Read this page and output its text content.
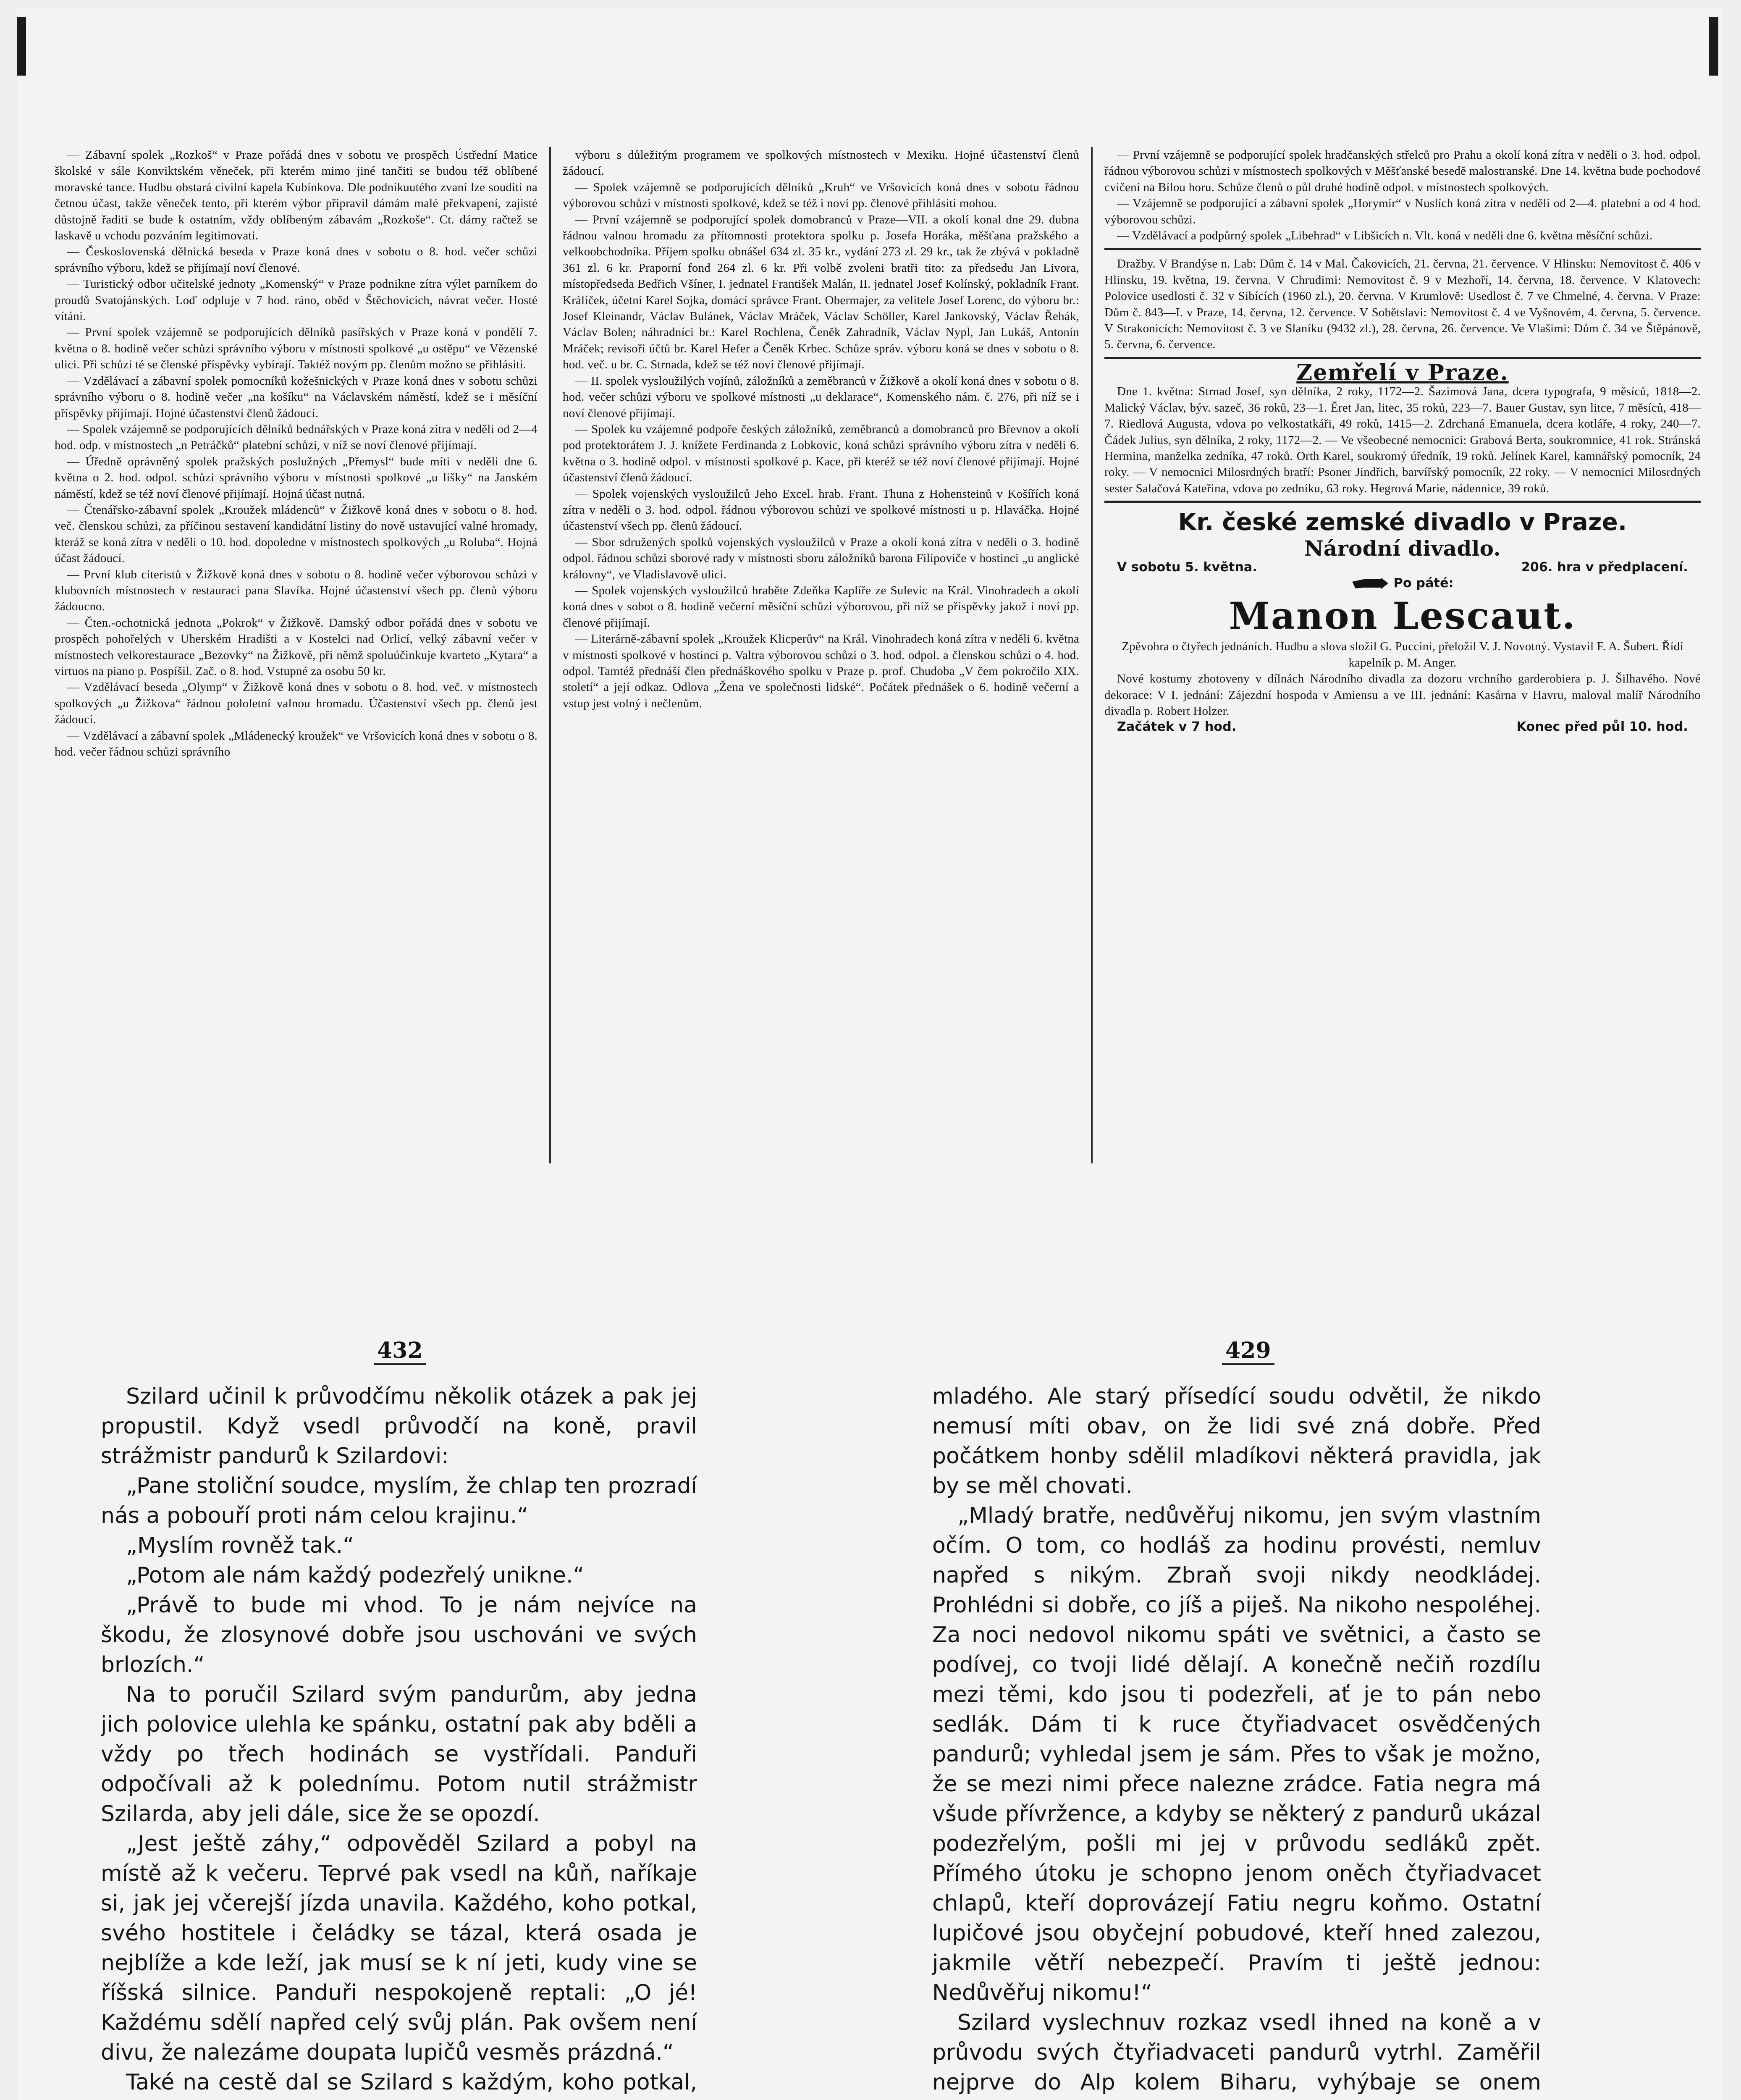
— Zábavní spolek „Rozkoš“ v Praze pořádá dnes v sobotu ve prospěch Ústřední Matice školské v sále Konviktském věneček, při kterém mimo jiné tančiti se budou též oblíbené moravské tance. Hudbu obstará civilní kapela Kubínkova. Dle podnikuutého zvaní lze souditi na četnou účast, takže věneček tento, při kterém výbor připravil dámám malé překvapení, zajisté důstojně řaditi se bude k ostatním, vždy oblíbeným zábavám „Rozkoše“. Ct. dámy račtež se laskavě u vchodu pozváním legitimovati.

— Československá dělnická beseda v Praze koná dnes v sobotu o 8. hod. večer schůzi správního výboru, kdež se přijímají noví členové.

— Turistický odbor učitelské jednoty „Komenský“ v Praze podnikne zítra výlet parníkem do proudů Svatojánských. Loď odpluje v 7 hod. ráno, oběd v Štěchovicích, návrat večer. Hosté vítáni.

— První spolek vzájemně se podporujících dělníků pasířských v Praze koná v pondělí 7. května o 8. hodině večer schůzi správního výboru v místnosti spolkové „u ostěpu“ ve Vězenské ulici. Při schůzi té se členské příspěvky vybírají. Taktéž novým pp. členům možno se přihlásiti.

— Vzdělávací a zábavní spolek pomocníků kožešnických v Praze koná dnes v sobotu schůzi správního výboru o 8. hodině večer „na košíku“ na Václavském náměstí, kdež se i měsíční příspěvky přijímají. Hojné účastenství členů žádoucí.

— Spolek vzájemně se podporujících dělníků bednářských v Praze koná zítra v neděli od 2—4 hod. odp. v místnostech „n Petráčků“ platební schůzi, v níž se noví členové přijímají.

— Úředně oprávněný spolek pražských poslužných „Přemysl“ bude míti v neděli dne 6. května o 2. hod. odpol. schůzi správního výboru v místnosti spolkové „u lišky“ na Janském náměstí, kdež se též noví členové přijímají. Hojná účast nutná.

— Čtenářsko-zábavní spolek „Kroužek mládenců“ v Žižkově koná dnes v sobotu o 8. hod. več. členskou schůzi, za příčinou sestavení kandidátní listiny do nově ustavující valné hromady, kteráž se koná zítra v neděli o 10. hod. dopoledne v místnostech spolkových „u Roluba“. Hojná účast žádoucí.

— První klub citeristů v Žižkově koná dnes v sobotu o 8. hodině večer výborovou schůzi v klubovních místnostech v restauraci pana Slavíka. Hojné účastenství všech pp. členů výboru žádoucno.

— Čten.-ochotnická jednota „Pokrok“ v Žižkově. Damský odbor pořádá dnes v sobotu ve prospěch pohořelých v Uherském Hradišti a v Kostelci nad Orlicí, velký zábavní večer v místnostech velkorestaurace „Bezovky“ na Žižkově, při němž spoluúčinkuje kvarteto „Kytara“ a virtuos na piano p. Pospíšil. Zač. o 8. hod. Vstupné za osobu 50 kr.

— Vzdělávací beseda „Olymp“ v Žižkově koná dnes v sobotu o 8. hod. več. v místnostech spolkových „u Žižkova“ řádnou pololetní valnou hromadu. Účastenství všech pp. členů jest žádoucí.

— Vzdělávací a zábavní spolek „Mládenecký kroužek“ ve Vršovicích koná dnes v sobotu o 8. hod. večer řádnou schůzi správního

výboru s důležitým programem ve spolkových místnostech v Mexiku. Hojné účastenství členů žádoucí.

— Spolek vzájemně se podporujících dělníků „Kruh“ ve Vršovicích koná dnes v sobotu řádnou výborovou schůzi v místnosti spolkové, kdež se též i noví pp. členové přihlásiti mohou.

— První vzájemně se podporující spolek domobranců v Praze—VII. a okolí konal dne 29. dubna řádnou valnou hromadu za přítomnosti protektora spolku p. Josefa Horáka, měšťana pražského a velkoobchodníka. Příjem spolku obnášel 634 zl. 35 kr., vydání 273 zl. 29 kr., tak že zbývá v pokladně 361 zl. 6 kr. Praporní fond 264 zl. 6 kr. Při volbě zvoleni bratři tito: za předsedu Jan Livora, místopředseda Bedřich Všíner, I. jednatel František Malán, II. jednatel Josef Kolínský, pokladník Frant. Králíček, účetní Karel Sojka, domácí správce Frant. Obermajer, za velitele Josef Lorenc, do výboru br.: Josef Kleinandr, Václav Bulánek, Václav Mráček, Václav Schöller, Karel Jankovský, Václav Řehák, Václav Bolen; náhradníci br.: Karel Rochlena, Čeněk Zahradník, Václav Nypl, Jan Lukáš, Antonín Mráček; revisoři účtů br. Karel Hefer a Čeněk Krbec. Schůze správ. výboru koná se dnes v sobotu o 8. hod. več. u br. C. Strnada, kdež se též noví členové přijímají.

— II. spolek vysloužilých vojínů, záložníků a zeměbranců v Žižkově a okolí koná dnes v sobotu o 8. hod. večer schůzi výboru ve spolkové místnosti „u deklarace“, Komenského nám. č. 276, při níž se i noví členové přijímají.

— Spolek ku vzájemné podpoře českých záložníků, zeměbranců a domobranců pro Břevnov a okolí pod protektorátem J. J. knížete Ferdinanda z Lobkovic, koná schůzi správního výboru zítra v neděli 6. května o 3. hodině odpol. v místnosti spolkové p. Kace, při kteréž se též noví členové přijímají. Hojné účastenství členů žádoucí.

— Spolek vojenských vysloužilců Jeho Excel. hrab. Frant. Thuna z Hohensteinů v Košířích koná zítra v neděli o 3. hod. odpol. řádnou výborovou schůzi ve spolkové místnosti u p. Hlaváčka. Hojné účastenství všech pp. členů žádoucí.

— Sbor sdružených spolků vojenských vysloužilců v Praze a okolí koná zítra v neděli o 3. hodině odpol. řádnou schůzi sborové rady v místnosti sboru záložníků barona Filipoviče v hostinci „u anglické královny“, ve Vladislavově ulici.

— Spolek vojenských vysloužilců hraběte Zdeňka Kaplíře ze Sulevic na Král. Vinohradech a okolí koná dnes v sobot o 8. hodině večerní měsíční schůzi výborovou, při níž se příspěvky jakož i noví pp. členové přijímají.

— Literárně-zábavní spolek „Kroužek Klicperův“ na Král. Vinohradech koná zítra v neděli 6. května v místnosti spolkové v hostinci p. Valtra výborovou schůzi o 3. hod. odpol. a členskou schůzi o 4. hod. odpol. Tamtéž přednáší člen přednáškového spolku v Praze p. prof. Chudoba „V čem pokročilo XIX. století“ a její odkaz. Odlova „Žena ve společnosti lidské“. Počátek přednášek o 6. hodině večerní a vstup jest volný i nečlenům.

— První vzájemně se podporující spolek hradčanských střelců pro Prahu a okolí koná zítra v neděli o 3. hod. odpol. řádnou výborovou schůzi v místnostech spolkových v Měšťanské besedě malostranské. Dne 14. května bude pochodové cvičení na Bílou horu. Schůze členů o půl druhé hodině odpol. v místnostech spolkových.

— Vzájemně se podporující a zábavní spolek „Horymír“ v Nuslích koná zítra v neděli od 2—4. platební a od 4 hod. výborovou schůzi.

— Vzdělávací a podpůrný spolek „Libehrad“ v Libšicích n. Vlt. koná v neděli dne 6. května měsíční schůzi.

Dražby. V Brandýse n. Lab: Dům č. 14 v Mal. Čakovicích, 21. června, 21. července. V Hlinsku: Nemovitost č. 406 v Hlinsku, 19. května, 19. června. V Chrudimi: Nemovitost č. 9 v Mezhoří, 14. června, 18. července. V Klatovech: Polovice usedlosti č. 32 v Sibících (1960 zl.), 20. června. V Krumlově: Usedlost č. 7 ve Chmelné, 4. června. V Praze: Dům č. 843—I. v Praze, 14. června, 12. července. V Sobětslavi: Nemovitost č. 4 ve Vyšnovém, 4. června, 5. července. V Strakonicích: Nemovitost č. 3 ve Slaníku (9432 zl.), 28. června, 26. července. Ve Vlašimi: Dům č. 34 ve Štěpánově, 5. června, 6. července.

Zemřelí v Praze.

Dne 1. května: Strnad Josef, syn dělníka, 2 roky, 1172—2. Šazimová Jana, dcera typografa, 9 měsíců, 1818—2. Malický Václav, býv. sazeč, 36 roků, 23—1. Ěret Jan, litec, 35 roků, 223—7. Bauer Gustav, syn litce, 7 měsíců, 418—7. Riedlová Augusta, vdova po velkostatkáři, 49 roků, 1415—2. Zdrchaná Emanuela, dcera kotláře, 4 roky, 240—7. Čádek Julius, syn dělníka, 2 roky, 1172—2. — Ve všeobecné nemocnici: Grabová Berta, soukromnice, 41 rok. Stránská Hermina, manželka zedníka, 47 roků. Orth Karel, soukromý úředník, 19 roků. Jelínek Karel, kamnářský pomocník, 24 roky. — V nemocnici Milosrdných bratří: Psoner Jindřich, barvířský pomocník, 22 roky. — V nemocnici Milosrdných sester Salačová Kateřina, vdova po zedníku, 63 roky. Hegrová Marie, nádennice, 39 roků.

Kr. české zemské divadlo v Praze.
Národní divadlo.
V sobotu 5. května.	206. hra v předplacení.
Po páté:
Manon Lescaut.

Zpěvohra o čtyřech jednáních. Hudbu a slova složil G. Puccini, přeložil V. J. Novotný. Vystavil F. A. Šubert. Řídí kapelník p. M. Anger.

Nové kostumy zhotoveny v dílnách Národního divadla za dozoru vrchního garderobiera p. J. Šilhavého. Nové dekorace: V I. jednání: Zájezdní hospoda v Amiensu a ve III. jednání: Kasárna v Havru, maloval malíř Národního divadla p. Robert Holzer.

Začátek v 7 hod.	Konec před půl 10. hod.
432	429

Szilard učinil k průvodčímu několik otázek a pak jej propustil. Když vsedl průvodčí na koně, pravil strážmistr pandurů k Szilardovi:

„Pane stoliční soudce, myslím, že chlap ten prozradí nás a pobouří proti nám celou krajinu.“

„Myslím rovněž tak.“

„Potom ale nám každý podezřelý unikne.“

„Právě to bude mi vhod. To je nám nejvíce na škodu, že zlosynové dobře jsou uschováni ve svých brlozích.“

Na to poručil Szilard svým pandurům, aby jedna jich polovice ulehla ke spánku, ostatní pak aby bděli a vždy po třech hodinách se vystřídali. Panduři odpočívali až k polednímu. Potom nutil strážmistr Szilarda, aby jeli dále, sice že se opozdí.

„Jest ještě záhy,“ odpověděl Szilard a pobyl na místě až k večeru. Teprvé pak vsedl na kůň, naříkaje si, jak jej včerejší jízda unavila. Každého, koho potkal, svého hostitele i čeládky se tázal, která osada je nejblíže a kde leží, jak musí se k ní jeti, kudy vine se říšská silnice. Panduři nespokojeně reptali: „O jé! Každému sdělí napřed celý svůj plán. Pak ovšem není divu, že nalezáme doupata lupičů vesměs prázdná.“

Také na cestě dal se Szilard s každým, koho potkal,

mladého. Ale starý přísedící soudu odvětil, že nikdo nemusí míti obav, on že lidi své zná dobře. Před počátkem honby sdělil mladíkovi některá pravidla, jak by se měl chovati.

„Mladý bratře, nedůvěřuj nikomu, jen svým vlastním očím. O tom, co hodláš za hodinu provésti, nemluv napřed s nikým. Zbraň svoji nikdy neodkládej. Prohlédni si dobře, co jíš a piješ. Na nikoho nespoléhej. Za noci nedovol nikomu spáti ve světnici, a často se podívej, co tvoji lidé dělají. A konečně nečiň rozdílu mezi těmi, kdo jsou ti podezřeli, ať je to pán nebo sedlák. Dám ti k ruce čtyřiadvacet osvědčených pandurů; vyhledal jsem je sám. Přes to však je možno, že se mezi nimi přece nalezne zrádce. Fatia negra má všude přívržence, a kdyby se některý z pandurů ukázal podezřelým, pošli mi jej v průvodu sedláků zpět. Přímého útoku je schopno jenom oněch čtyřiadvacet chlapů, kteří doprovázejí Fatiu negru koňmo. Ostatní lupičové jsou obyčejní pobudové, kteří hned zalezou, jakmile větří nebezpečí. Pravím ti ještě jednou: Nedůvěřuj nikomu!“

Szilard vyslechnuv rozkaz vsedl ihned na koně a v průvodu svých čtyřiadvaceti pandurů vytrhl. Zaměřil nejprve do Alp kolem Biharu, vyhýbaje se onem
